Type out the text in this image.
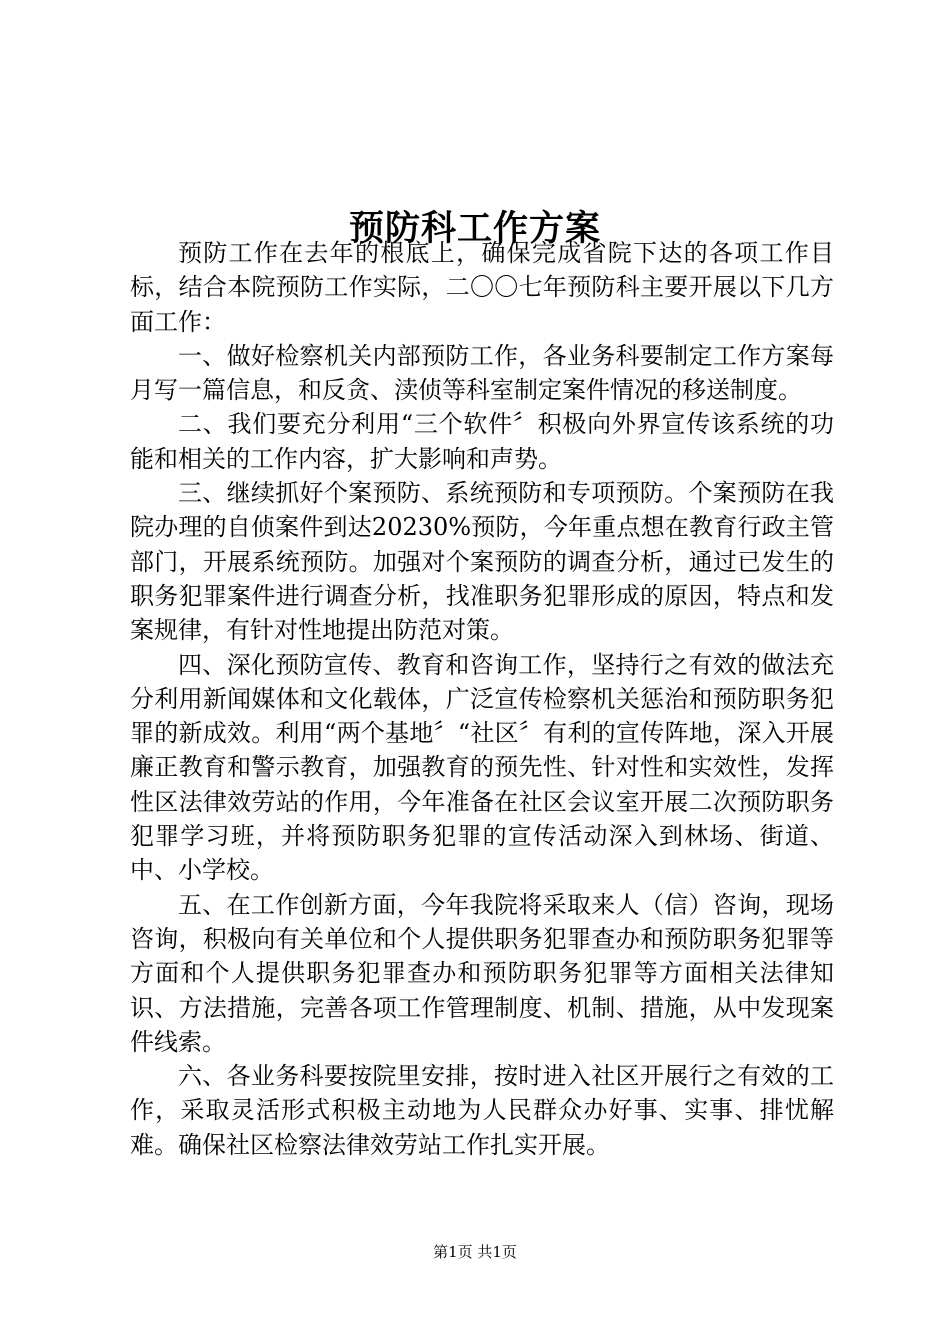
预防科工作方案

预防工作在去年的根底上，确保完成省院下达的各项工作目标，结合本院预防工作实际，二〇〇七年预防科主要开展以下几方面工作：

一、做好检察机关内部预防工作，各业务科要制定工作方案每月写一篇信息，和反贪、渎侦等科室制定案件情况的移送制度。

二、我们要充分利用“三个软件〞积极向外界宣传该系统的功能和相关的工作内容，扩大影响和声势。

三、继续抓好个案预防、系统预防和专项预防。个案预防在我院办理的自侦案件到达20230%预防，今年重点想在教育行政主管部门，开展系统预防。加强对个案预防的调查分析，通过已发生的职务犯罪案件进行调查分析，找准职务犯罪形成的原因，特点和发案规律，有针对性地提出防范对策。

四、深化预防宣传、教育和咨询工作，坚持行之有效的做法充分利用新闻媒体和文化载体，广泛宣传检察机关惩治和预防职务犯罪的新成效。利用“两个基地〞“社区〞有利的宣传阵地，深入开展廉正教育和警示教育，加强教育的预先性、针对性和实效性，发挥性区法律效劳站的作用，今年准备在社区会议室开展二次预防职务犯罪学习班，并将预防职务犯罪的宣传活动深入到林场、街道、中、小学校。

五、在工作创新方面，今年我院将采取来人（信）咨询，现场咨询，积极向有关单位和个人提供职务犯罪查办和预防职务犯罪等方面和个人提供职务犯罪查办和预防职务犯罪等方面相关法律知识、方法措施，完善各项工作管理制度、机制、措施，从中发现案件线索。

六、各业务科要按院里安排，按时进入社区开展行之有效的工作，采取灵活形式积极主动地为人民群众办好事、实事、排忧解难。确保社区检察法律效劳站工作扎实开展。

第1页 共1页
